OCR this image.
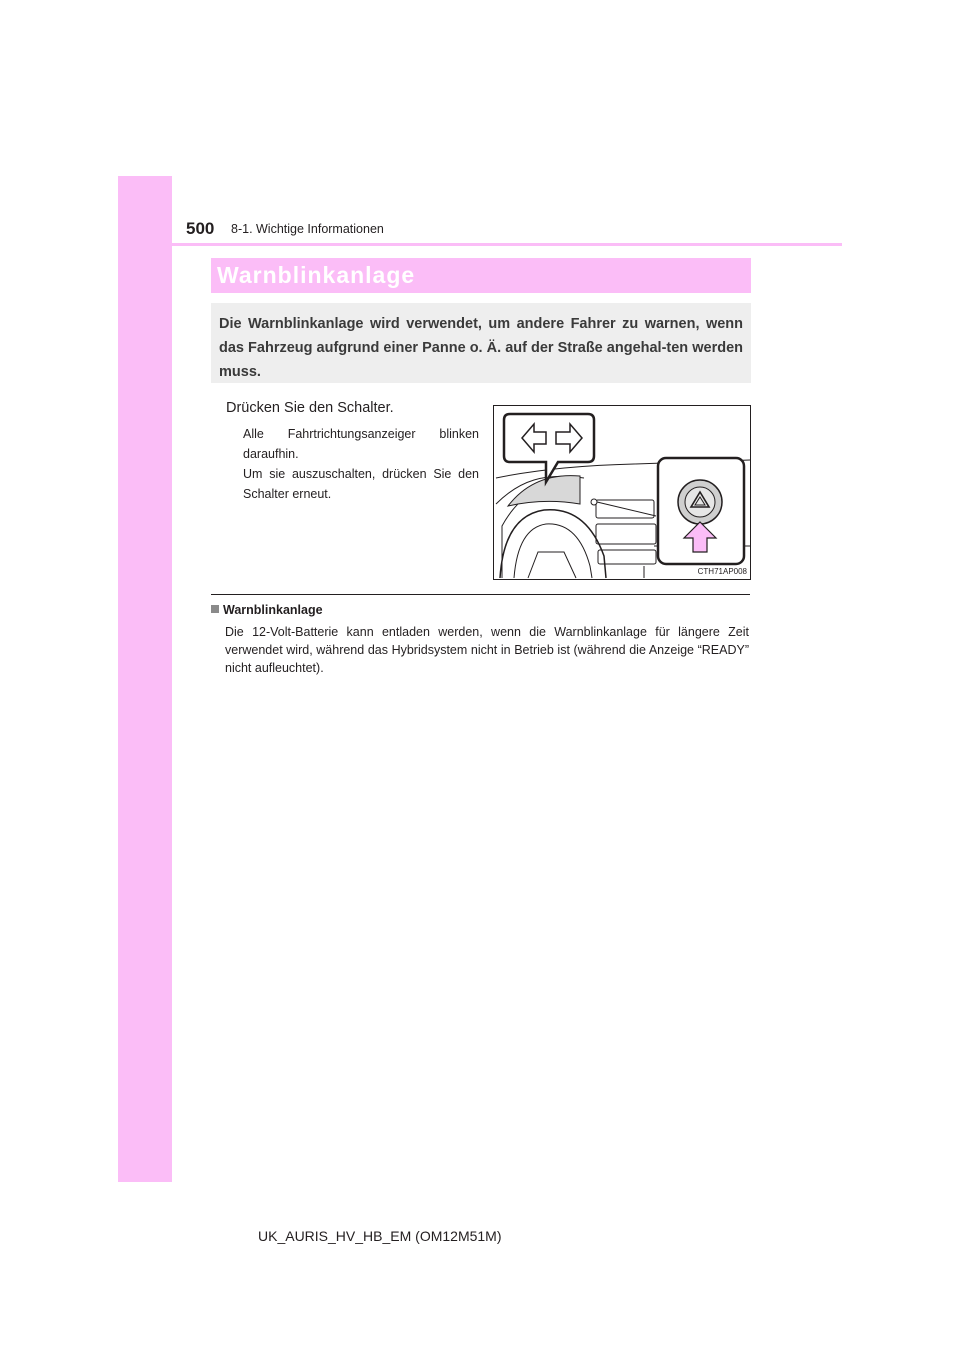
500 8-1. Wichtige Informationen
Warnblinkanlage
Die Warnblinkanlage wird verwendet, um andere Fahrer zu warnen, wenn das Fahrzeug aufgrund einer Panne o. Ä. auf der Straße angehal-ten werden muss.
Drücken Sie den Schalter.

Alle Fahrtrichtungsanzeiger blinken daraufhin.

Um sie auszuschalten, drücken Sie den Schalter erneut.

CTH71AP008
Warnblinkanlage
Die 12-Volt-Batterie kann entladen werden, wenn die Warnblinkanlage für längere Zeit verwendet wird, während das Hybridsystem nicht in Betrieb ist (während die Anzeige “READY” nicht aufleuchtet).
UK_AURIS_HV_HB_EM (OM12M51M)
